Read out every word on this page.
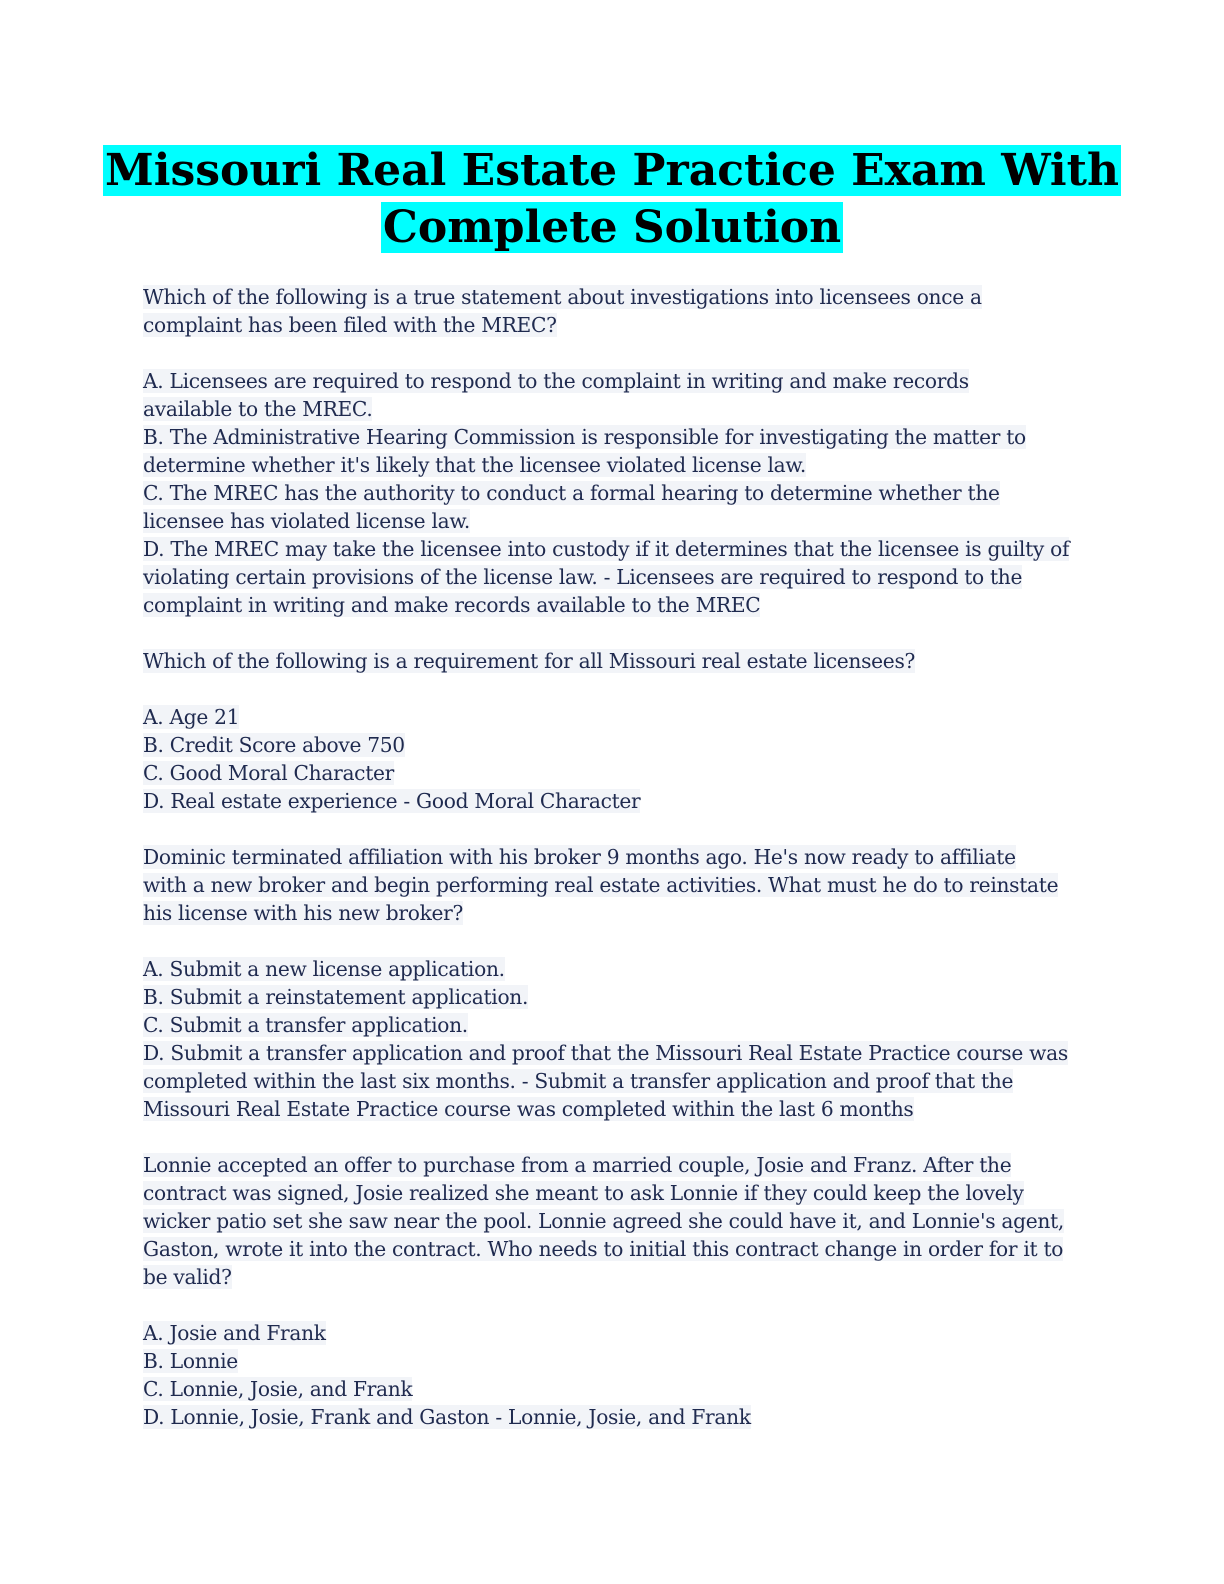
Missouri Real Estate Practice Exam With
Complete Solution
Which of the following is a true statement about investigations into licensees once a
complaint has been filed with the MREC?
A. Licensees are required to respond to the complaint in writing and make records
available to the MREC.
B. The Administrative Hearing Commission is responsible for investigating the matter to
determine whether it's likely that the licensee violated license law.
C. The MREC has the authority to conduct a formal hearing to determine whether the
licensee has violated license law.
D. The MREC may take the licensee into custody if it determines that the licensee is guilty of
violating certain provisions of the license law. - Licensees are required to respond to the
complaint in writing and make records available to the MREC
Which of the following is a requirement for all Missouri real estate licensees?
A. Age 21
B. Credit Score above 750
C. Good Moral Character
D. Real estate experience - Good Moral Character
Dominic terminated affiliation with his broker 9 months ago. He's now ready to affiliate
with a new broker and begin performing real estate activities. What must he do to reinstate
his license with his new broker?
A. Submit a new license application.
B. Submit a reinstatement application.
C. Submit a transfer application.
D. Submit a transfer application and proof that the Missouri Real Estate Practice course was
completed within the last six months. - Submit a transfer application and proof that the
Missouri Real Estate Practice course was completed within the last 6 months
Lonnie accepted an offer to purchase from a married couple, Josie and Franz. After the
contract was signed, Josie realized she meant to ask Lonnie if they could keep the lovely
wicker patio set she saw near the pool. Lonnie agreed she could have it, and Lonnie's agent,
Gaston, wrote it into the contract. Who needs to initial this contract change in order for it to
be valid?
A. Josie and Frank
B. Lonnie
C. Lonnie, Josie, and Frank
D. Lonnie, Josie, Frank and Gaston - Lonnie, Josie, and Frank
